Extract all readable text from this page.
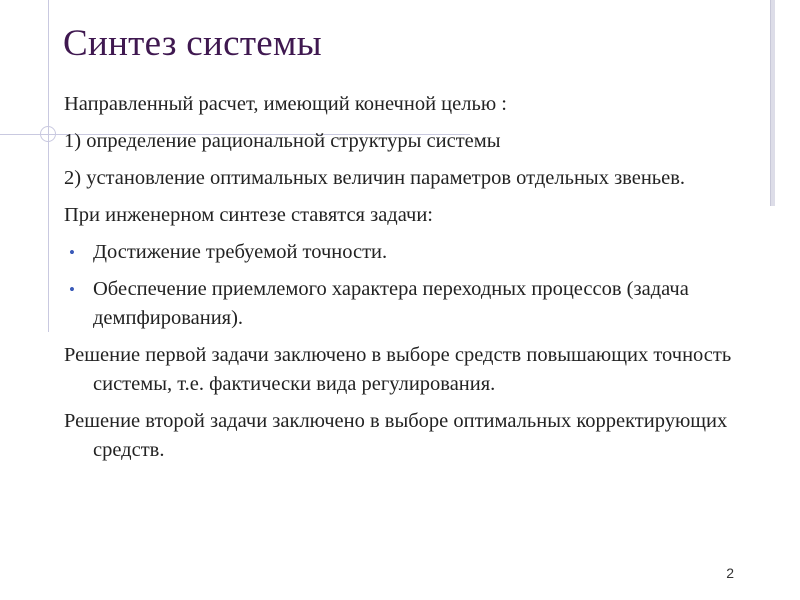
Синтез системы

Направленный расчет, имеющий конечной целью :

1) определение рациональной структуры системы

2) установление оптимальных величин параметров отдельных звеньев.

При инженерном синтезе ставятся задачи:

• Достижение требуемой точности.
• Обеспечение приемлемого характера переходных процессов (задача демпфирования).

Решение первой задачи заключено в выборе средств повышающих точность системы, т.е. фактически вида регулирования.

Решение второй задачи заключено в выборе оптимальных корректирующих средств.

2
